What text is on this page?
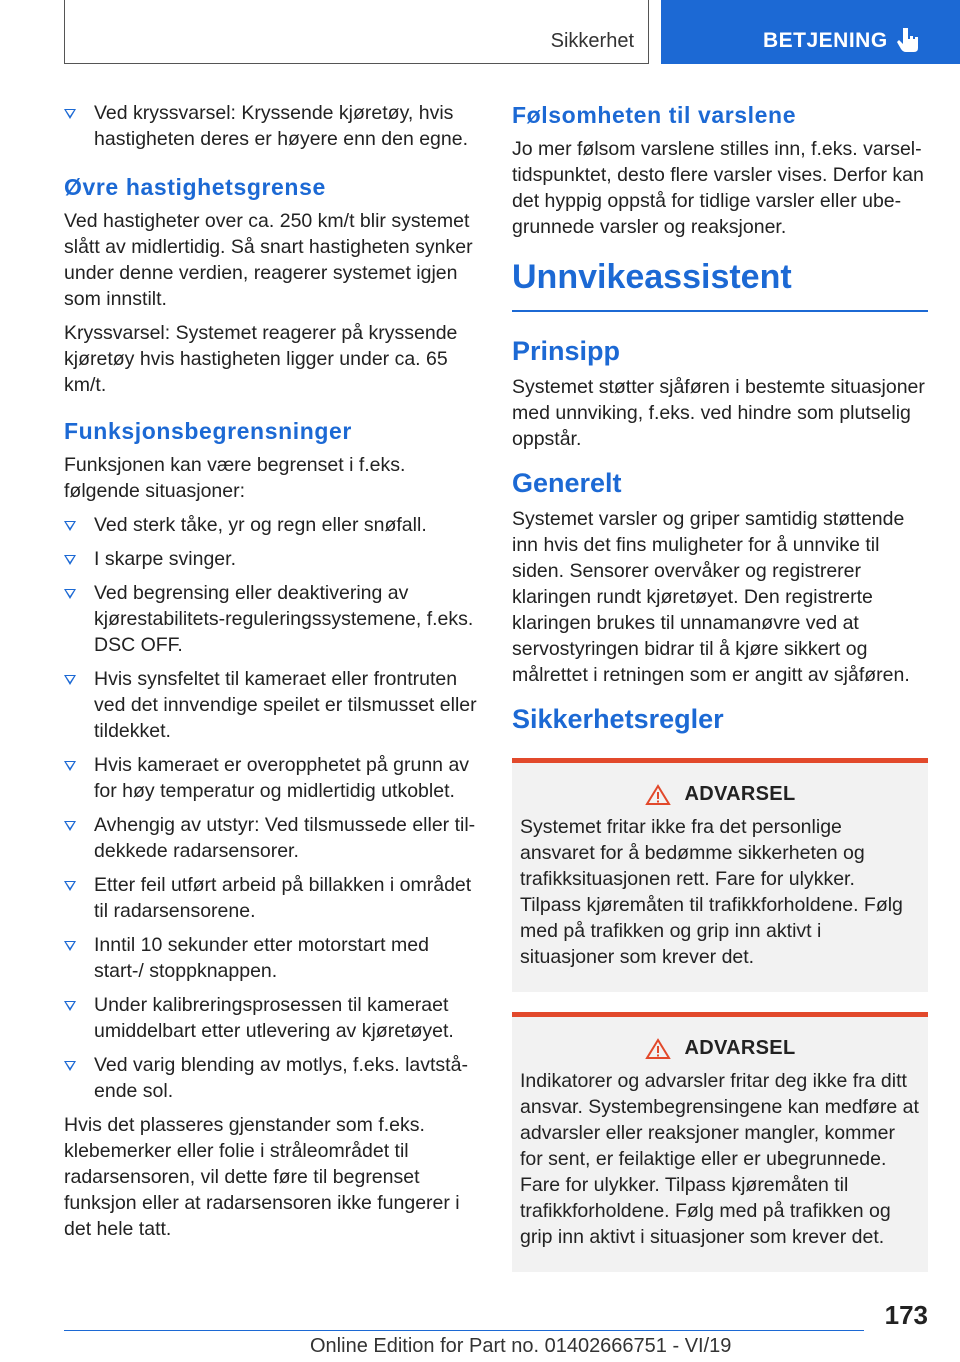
Sikkerhet	BETJENING
Ved kryssvarsel: Kryssende kjøretøy, hvis hastigheten deres er høyere enn den egne.
Øvre hastighetsgrense

Ved hastigheter over ca. 250 km/t blir systemet slått av midlertidig. Så snart hastigheten synker under denne verdien, reagerer systemet igjen som innstilt.

Kryssvarsel: Systemet reagerer på kryssende kjøretøy hvis hastigheten ligger under ca. 65 km/t.

Funksjonsbegrensninger

Funksjonen kan være begrenset i f.eks. følgende situasjoner:

Ved sterk tåke, yr og regn eller snøfall.
I skarpe svinger.
Ved begrensing eller deaktivering av kjørestabilitets-reguleringssystemene, f.eks. DSC OFF.
Hvis synsfeltet til kameraet eller frontruten ved det innvendige speilet er tilsmusset eller tildekket.
Hvis kameraet er overopphetet på grunn av for høy temperatur og midlertidig utkoblet.
Avhengig av utstyr: Ved tilsmussede eller tildekkede radarsensorer.
Etter feil utført arbeid på billakken i området til radarsensorene.
Inntil 10 sekunder etter motorstart med start-/ stoppknappen.
Under kalibreringsprosessen til kameraet umiddelbart etter utlevering av kjøretøyet.
Ved varig blending av motlys, f.eks. lavtstående sol.

Hvis det plasseres gjenstander som f.eks. klebemerker eller folie i stråleområdet til radarsensoren, vil dette føre til begrenset funksjon eller at radarsensoren ikke fungerer i det hele tatt.

Følsomheten til varslene

Jo mer følsom varslene stilles inn, f.eks. varseltidspunktet, desto flere varsler vises. Derfor kan det hyppig oppstå for tidlige varsler eller ubegrunnede varsler og reaksjoner.

Unnvikeassistent
Prinsipp

Systemet støtter sjåføren i bestemte situasjoner med unnviking, f.eks. ved hindre som plutselig oppstår.

Generelt

Systemet varsler og griper samtidig støttende inn hvis det fins muligheter for å unnvike til siden. Sensorer overvåker og registrerer klaringen rundt kjøretøyet. Den registrerte klaringen brukes til unnamanøvre ved at servostyringen bidrar til å kjøre sikkert og målrettet i retningen som er angitt av sjåføren.

Sikkerhetsregler
ADVARSEL

Systemet fritar ikke fra det personlige ansvaret for å bedømme sikkerheten og trafikksituasjonen rett. Fare for ulykker. Tilpass kjøremåten til trafikkforholdene. Følg med på trafikken og grip inn aktivt i situasjoner som krever det.

ADVARSEL

Indikatorer og advarsler fritar deg ikke fra ditt ansvar. Systembegrensingene kan medføre at advarsler eller reaksjoner mangler, kommer for sent, er feilaktige eller er ubegrunnede. Fare for ulykker. Tilpass kjøremåten til trafikkforholdene. Følg med på trafikken og grip inn aktivt i situasjoner som krever det.

173
Online Edition for Part no. 01402666751 - VI/19
